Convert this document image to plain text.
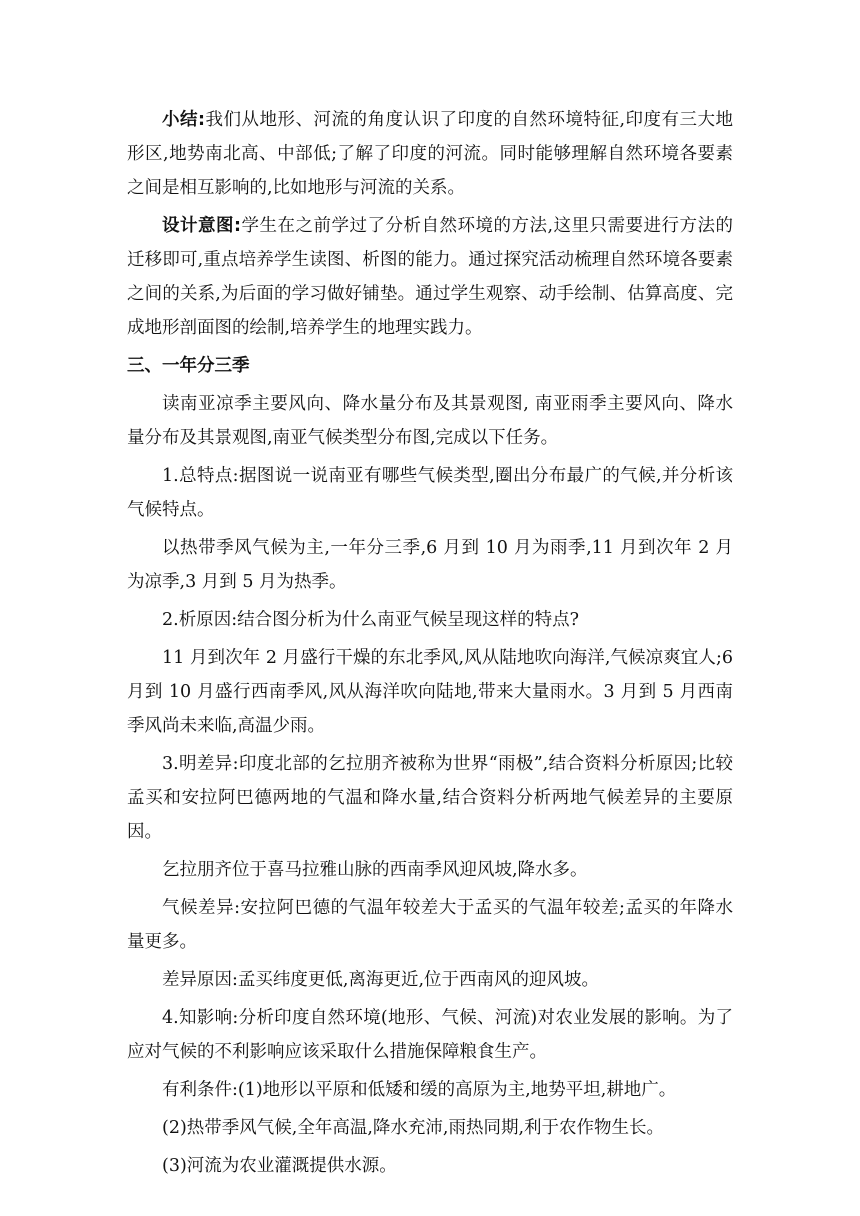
小结:我们从地形、河流的角度认识了印度的自然环境特征,印度有三大地形区,地势南北高、中部低;了解了印度的河流。同时能够理解自然环境各要素之间是相互影响的,比如地形与河流的关系。

设计意图:学生在之前学过了分析自然环境的方法,这里只需要进行方法的迁移即可,重点培养学生读图、析图的能力。通过探究活动梳理自然环境各要素之间的关系,为后面的学习做好铺垫。通过学生观察、动手绘制、估算高度、完成地形剖面图的绘制,培养学生的地理实践力。

三、一年分三季

读南亚凉季主要风向、降水量分布及其景观图, 南亚雨季主要风向、降水量分布及其景观图,南亚气候类型分布图,完成以下任务。

1.总特点:据图说一说南亚有哪些气候类型,圈出分布最广的气候,并分析该气候特点。

以热带季风气候为主,一年分三季,6 月到 10 月为雨季,11 月到次年 2 月为凉季,3 月到 5 月为热季。

2.析原因:结合图分析为什么南亚气候呈现这样的特点?

11 月到次年 2 月盛行干燥的东北季风,风从陆地吹向海洋,气候凉爽宜人;6 月到 10 月盛行西南季风,风从海洋吹向陆地,带来大量雨水。3 月到 5 月西南季风尚未来临,高温少雨。

3.明差异:印度北部的乞拉朋齐被称为世界“雨极”,结合资料分析原因;比较孟买和安拉阿巴德两地的气温和降水量,结合资料分析两地气候差异的主要原因。

乞拉朋齐位于喜马拉雅山脉的西南季风迎风坡,降水多。

气候差异:安拉阿巴德的气温年较差大于孟买的气温年较差;孟买的年降水量更多。

差异原因:孟买纬度更低,离海更近,位于西南风的迎风坡。

4.知影响:分析印度自然环境(地形、气候、河流)对农业发展的影响。为了应对气候的不利影响应该采取什么措施保障粮食生产。

有利条件:(1)地形以平原和低矮和缓的高原为主,地势平坦,耕地广。

(2)热带季风气候,全年高温,降水充沛,雨热同期,利于农作物生长。

(3)河流为农业灌溉提供水源。
